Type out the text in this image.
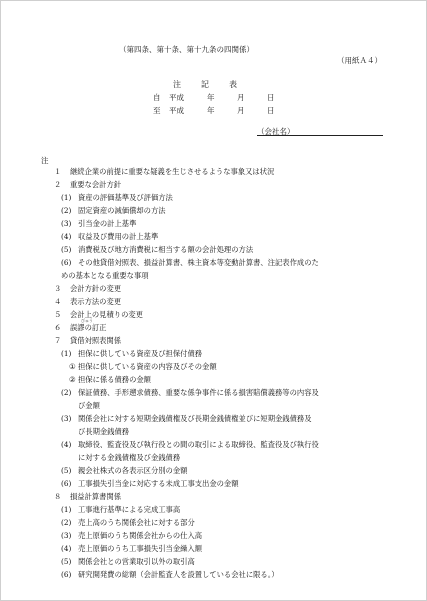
（第四条、第十条、第十九条の四関係）
（用紙Ａ４）
注　記　表
自 平成	年	月	日
至 平成	年	月	日
（会社名）
注
１ 継続企業の前提に重要な疑義を生じさせるような事象又は状況
２ 重要な会計方針
(1) 資産の評価基準及び評価方法
(2) 固定資産の減価償却の方法
(3) 引当金の計上基準
(4) 収益及び費用の計上基準
(5) 消費税及び地方消費税に相当する額の会計処理の方法
(6) その他貸借対照表、損益計算書、株主資本等変動計算書、注記表作成のた
めの基本となる重要な事項
３ 会計方針の変更
４ 表示方法の変更
５ 会計上の見積りの変更
びゅう
６ 誤謬の訂正
７ 貸借対照表関係
(1) 担保に供している資産及び担保付債務
① 担保に供している資産の内容及びその金額
② 担保に係る債務の金額
(2) 保証債務、手形遡求債務、重要な係争事件に係る損害賠償義務等の内容及
び金額
(3) 関係会社に対する短期金銭債権及び長期金銭債権並びに短期金銭債務及
び長期金銭債務
(4) 取締役、監査役及び執行役との間の取引による取締役、監査役及び執行役
に対する金銭債権及び金銭債務
(5) 親会社株式の各表示区分別の金額
(6) 工事損失引当金に対応する未成工事支出金の金額
８ 損益計算書関係
(1) 工事進行基準による完成工事高
(2) 売上高のうち関係会社に対する部分
(3) 売上原価のうち関係会社からの仕入高
(4) 売上原価のうち工事損失引当金繰入額
(5) 関係会社との営業取引以外の取引高
(6) 研究開発費の総額（会計監査人を設置している会社に限る。）
